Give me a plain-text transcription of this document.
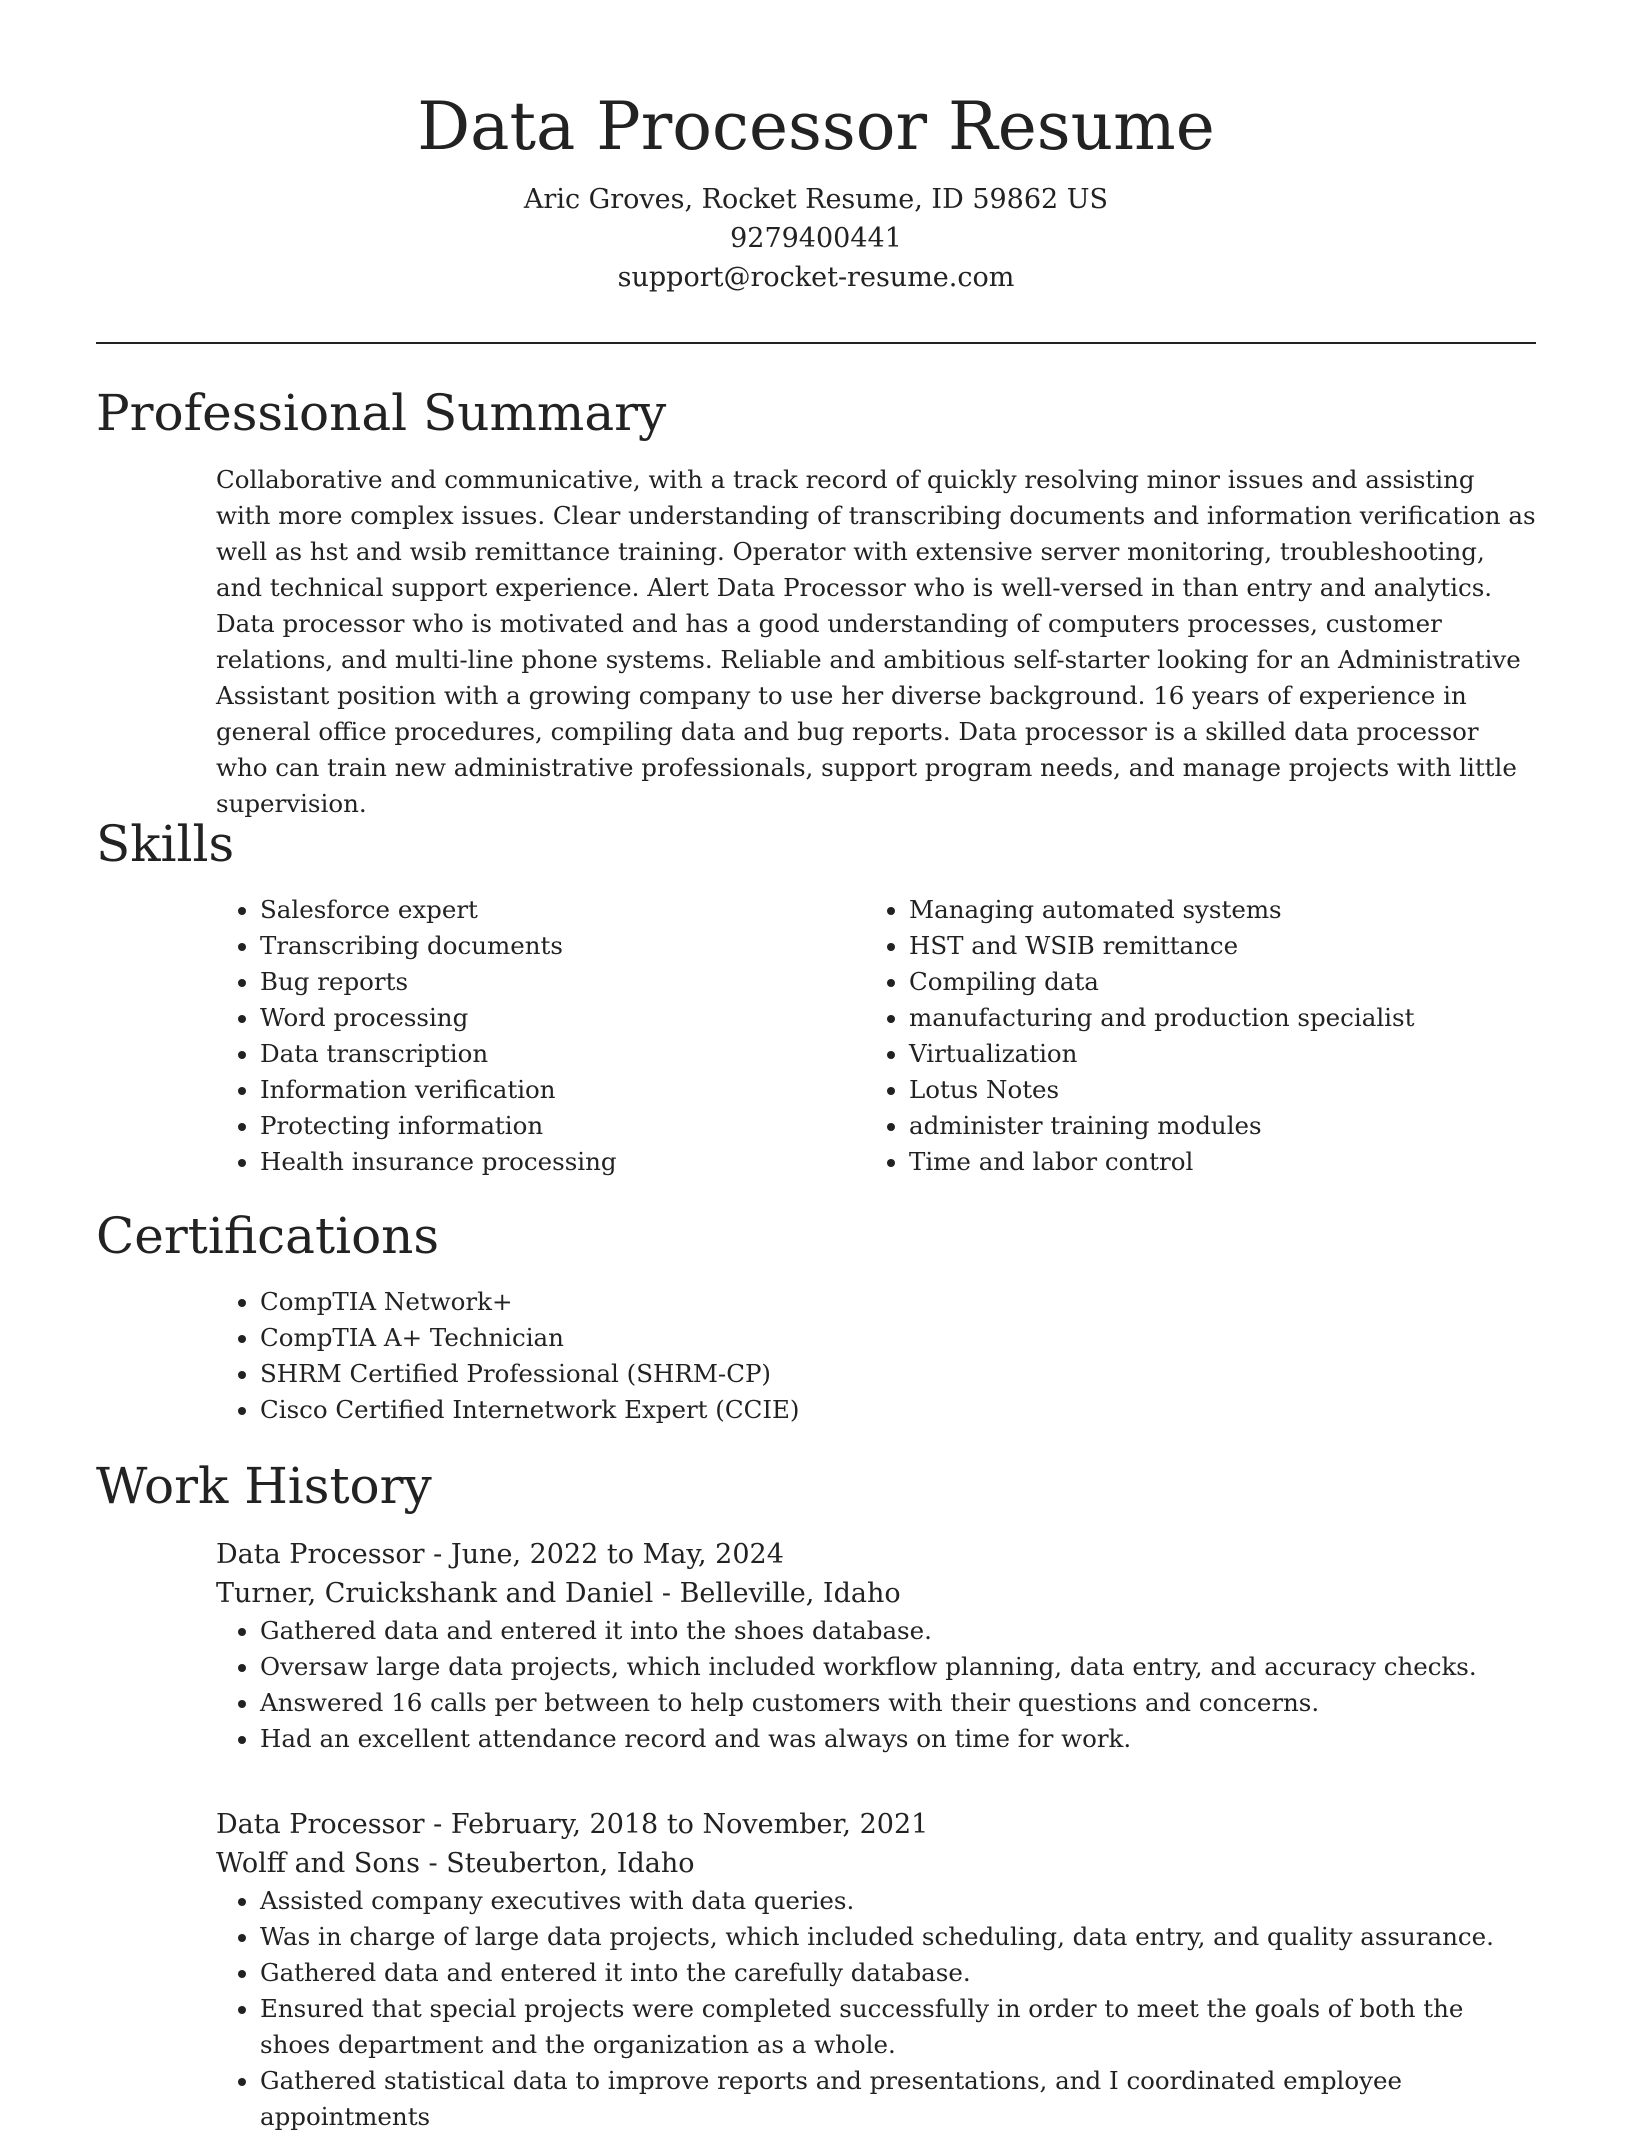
Data Processor Resume
Aric Groves, Rocket Resume, ID 59862 US
9279400441
support@rocket-resume.com
Professional Summary

Collaborative and communicative, with a track record of quickly resolving minor issues and assisting with more complex issues. Clear understanding of transcribing documents and information verification as well as hst and wsib remittance training. Operator with extensive server monitoring, troubleshooting, and technical support experience. Alert Data Processor who is well-versed in than entry and analytics. Data processor who is motivated and has a good understanding of computers processes, customer relations, and multi-line phone systems. Reliable and ambitious self-starter looking for an Administrative Assistant position with a growing company to use her diverse background. 16 years of experience in general office procedures, compiling data and bug reports. Data processor is a skilled data processor who can train new administrative professionals, support program needs, and manage projects with little supervision.

Skills
• Salesforce expert
• Transcribing documents
• Bug reports
• Word processing
• Data transcription
• Information verification
• Protecting information
• Health insurance processing
• Managing automated systems
• HST and WSIB remittance
• Compiling data
• manufacturing and production specialist
• Virtualization
• Lotus Notes
• administer training modules
• Time and labor control
Certifications
• CompTIA Network+
• CompTIA A+ Technician
• SHRM Certified Professional (SHRM-CP)
• Cisco Certified Internetwork Expert (CCIE)
Work History
Data Processor - June, 2022 to May, 2024
Turner, Cruickshank and Daniel - Belleville, Idaho
• Gathered data and entered it into the shoes database.
• Oversaw large data projects, which included workflow planning, data entry, and accuracy checks.
• Answered 16 calls per between to help customers with their questions and concerns.
• Had an excellent attendance record and was always on time for work.
Data Processor - February, 2018 to November, 2021
Wolff and Sons - Steuberton, Idaho
• Assisted company executives with data queries.
• Was in charge of large data projects, which included scheduling, data entry, and quality assurance.
• Gathered data and entered it into the carefully database.
• Ensured that special projects were completed successfully in order to meet the goals of both the shoes department and the organization as a whole.
• Gathered statistical data to improve reports and presentations, and I coordinated employee appointments
